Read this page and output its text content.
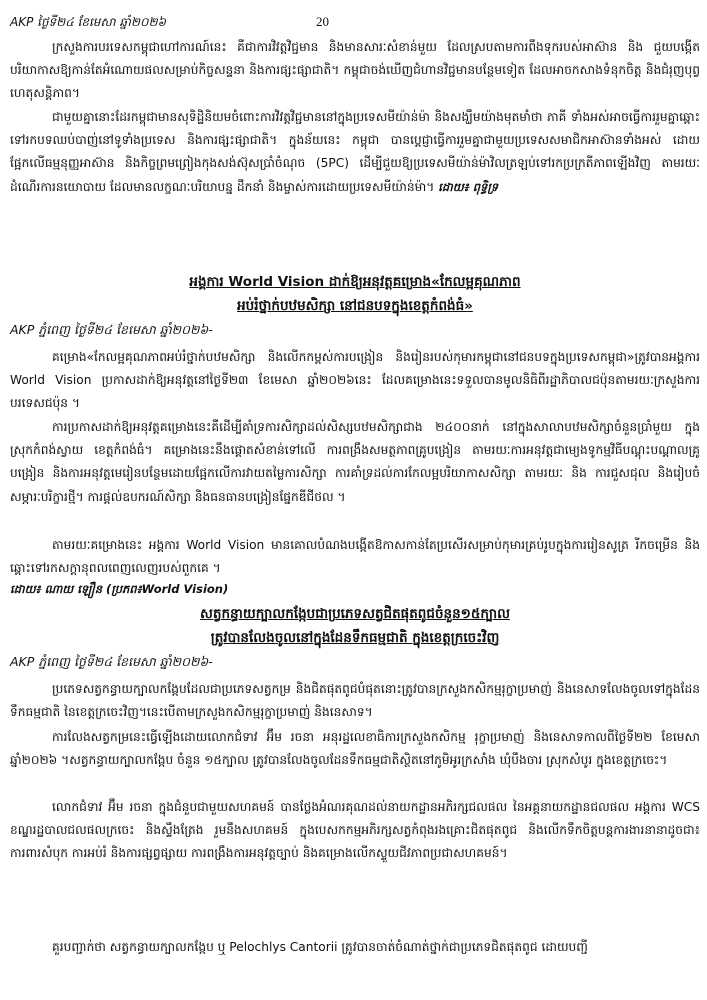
AKP ថ្ងៃទី២៤ ខែមេសា ឆ្នាំ២០២៦	20

ក្រសួងការបរទេសកម្ពុជាហៅការណ៍នេះ គឺជាការវិវត្តវិជ្ជមាន និងមានសារៈសំខាន់មួយ ដែលស្របតាមការពឹងទុករបស់អាស៊ាន និង ជួយបង្កើតបរិយាកាសឱ្យកាន់តែអំណោយផលសម្រាប់កិច្ចសន្ទនា និងការផ្សះផ្សាជាតិ។ កម្ពុជាចង់ឃើញជំហានវិជ្ជមានបន្ថែមទៀត ដែលអាចកសាងទំនុកចិត្ត និងជំរុញបុព្វហេតុសន្តិភាព។

ជាមួយគ្នានោះដែរកម្ពុជាមានសុទិដ្ឋិនិយមចំពោះការវិវត្តវិជ្ជមាននៅក្នុងប្រទេសមីយ៉ាន់ម៉ា និងសង្ឃឹមយ៉ាងមុតមាំថា ភាគី ទាំងអស់អាចធ្វើការរួមគ្នាឆ្ពោះទៅរកបទឈប់បាញ់នៅទូទាំងប្រទេស និងការផ្សះផ្សាជាតិ។ ក្នុងន័យនេះ កម្ពុជា បានប្តេជ្ញាធ្វើការរួមគ្នាជាមួយប្រទេសសមាជិកអាស៊ានទាំងអស់ ដោយផ្អែកលើធម្មនុញ្ញអាស៊ាន និងកិច្ចព្រមព្រៀងកុងសង់ស៊ុសប្រាំចំណុច (5PC) ដើម្បីជួយឱ្យប្រទេសមីយ៉ាន់ម៉ាវិលត្រឡប់ទៅរកប្រក្រតីភាពឡើងវិញ តាមរយៈដំណើរការនយោបាយ ដែលមានលក្ខណៈបរិយាបន្ន ដឹកនាំ និងម្ចាស់ការដោយប្រទេសមីយ៉ាន់ម៉ា។ ដោយ៖ ពុទ្ធិទ្រ

អង្គការ World Vision ដាក់ឱ្យអនុវត្តគម្រោង«កែលម្អគុណភាព
អប់រំថ្នាក់បឋមសិក្សា នៅជនបទក្នុងខេត្តកំពង់ធំ»
AKP ភ្នំពេញ ថ្ងៃទី២៤ ខែមេសា ឆ្នាំ២០២៦-

គម្រោង«កែលម្អគុណភាពអប់រំថ្នាក់បឋមសិក្សា និងលើកកម្ពស់ការបង្រៀន និងរៀនរបស់កុមារកម្ពុជានៅជនបទក្នុងប្រទេសកម្ពុជា»ត្រូវបានអង្គការ World Vision ប្រកាសដាក់ឱ្យអនុវត្តនៅថ្ងៃទី២៣ ខែមេសា ឆ្នាំ២០២៦នេះ ដែលគម្រោងនេះទទួលបានមូលនិធិពីរដ្ឋាភិបាលជប៉ុនតាមរយៈក្រសួងការបរទេសជប៉ុន ។

ការប្រកាសដាក់ឱ្យអនុវត្តគម្រោងនេះគឺដើម្បីគាំទ្រការសិក្សាដល់សិស្សបឋមសិក្សាជាង ២៤០០នាក់ នៅក្នុងសាលាបឋមសិក្សាចំនួនប្រាំមួយ ក្នុង ស្រុកកំពង់ស្វាយ ខេត្តកំពង់ធំ។ គម្រោងនេះនឹងផ្តោតសំខាន់ទៅលើ ការពង្រឹងសមត្ថភាពគ្រូបង្រៀន តាមរយៈការអនុវត្តជាម្យេងទូកម្មវិធីបណ្តុះបណ្តាលគ្រូបង្រៀន និងការអនុវត្តមេរៀនបន្ថែមដោយផ្អែកលើការវាយតម្លៃការសិក្សា ការគាំទ្រដល់ការកែលម្អបរិយាកាសសិក្សា តាមរយៈ និង ការជួសជុល និងរៀបចំសម្ភារៈបរិក្ខារថ្មី។ ការផ្តល់ឧបករណ៍សិក្សា និងធនធានបង្រៀនផ្នែកឌីជីថល ។

តាមរយៈគម្រោងនេះ អង្គការ World Vision មានគោលបំណងបង្កើតឱកាសកាន់តែប្រសើរសម្រាប់កុមារគ្រប់រូបក្នុងការរៀនសូត្រ រីកចម្រើន និងឆ្ពោះទៅរកសក្តានុពលពេញលេញរបស់ពួកគេ ។

ដោយ៖ ណាយ ឡឿន (ប្រភព៖World Vision)
សត្វកន្ធាយក្បាលកង្កែបជាប្រភេទសត្វជិតផុតពូជចំនួន១៥ក្បាល
ត្រូវបានលែងចូលនៅក្នុងដែនទឹកធម្មជាតិ ក្នុងខេត្តក្រចេះវិញ
AKP ភ្នំពេញ ថ្ងៃទី២៤ ខែមេសា ឆ្នាំ២០២៦-

ប្រភេទសត្វកន្ធាយក្បាលកង្កែបដែលជាប្រភេទសត្វកម្រ និងជិតផុតពូជបំផុតនោះត្រូវបានក្រសួងកសិកម្មរុក្ខាប្រមាញ់ និងនេសាទលែងចូលទៅក្នុងដែនទឹកធម្មជាតិ នៃខេត្តក្រចេះវិញ។នេះបើតាមក្រសួងកសិកម្មរុក្ខាប្រមាញ់ និងនេសាទ។

ការលែងសត្វកម្រនេះធ្វើឡើងដោយលោកជំទាវ អ៊ឹម រចនា អនុរដ្ឋលេខាធិការក្រសួងកសិកម្ម រុក្ខាប្រមាញ់ និងនេសាទកាលពីថ្ងៃទី២២ ខែមេសា ឆ្នាំ២០២៦ ។សត្វកន្ធាយក្បាលកង្កែប ចំនួន ១៥ក្បាល ត្រូវបានលែងចូលដែនទឹកធម្មជាតិស្ថិតនៅភូមិអូរក្រសាំង ឃុំបឹងចារ ស្រុកសំបូរ ក្នុងខេត្តក្រចេះ។

លោកជំទាវ អ៊ឹម រចនា ក្នុងជំនួបជាមួយសហគមន៍ បានថ្លែងអំណរគុណដល់នាយកដ្ឋានអភិរក្សជលផល នៃអគ្គនាយកដ្ឋានជលផល អង្គការ WCS ខណ្ឌរដ្ឋបាលជលផលក្រចេះ និងស្ទឹងត្រែង រួមនឹងសហគមន៍ ក្នុងបេសកកម្មអភិរក្សសត្វកំពុងរងគ្រោះជិតផុតពូជ និងលើកទឹកចិត្តបន្តការងារនានាដូចជា៖ ការពារសំបុក ការអប់រំ និងការផ្សព្វផ្សាយ ការពង្រឹងការអនុវត្តច្បាប់ និងគម្រោងលើកស្ទួយជីវភាពប្រជាសហគមន៍។

គួរបញ្ជាក់ថា សត្វកន្ធាយក្បាលកង្កែប ឬ Pelochlys Cantorii ត្រូវបានចាត់ចំណាត់ថ្នាក់ជាប្រភេទជិតផុតពូជ ដោយបញ្ជី
